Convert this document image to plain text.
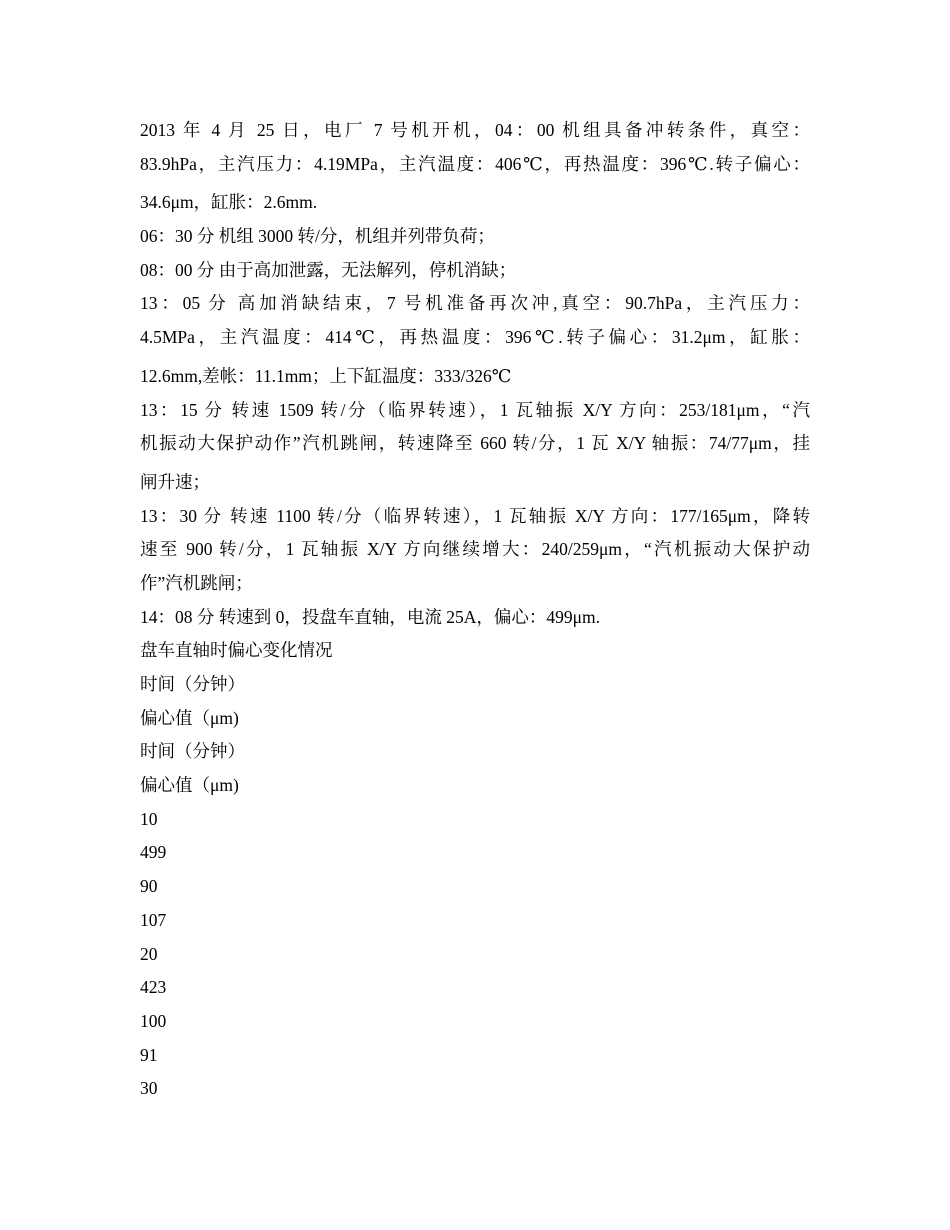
2013 年 4 月 25 日，电厂 7 号机开机，04：00 机组具备冲转条件，真空：
83.9hPa，主汽压力：4.19MPa，主汽温度：406℃，再热温度：396℃.转子偏心：
34.6μm，缸胀：2.6mm.
06：30 分 机组 3000 转/分，机组并列带负荷；
08：00 分 由于高加泄露，无法解列，停机消缺；
13：05 分 高加消缺结束，7 号机准备再次冲,真空：90.7hPa，主汽压力：
4.5MPa，主汽温度：414℃，再热温度：396℃.转子偏心：31.2μm，缸胀：
12.6mm,差帐：11.1mm；上下缸温度：333/326℃
13：15 分 转速 1509 转/分（临界转速），1 瓦轴振 X/Y 方向：253/181μm，“汽
机振动大保护动作”汽机跳闸，转速降至 660 转/分，1 瓦 X/Y 轴振：74/77μm，挂
闸升速；
13：30 分 转速 1100 转/分（临界转速），1 瓦轴振 X/Y 方向：177/165μm，降转
速至 900 转/分，1 瓦轴振 X/Y 方向继续增大：240/259μm，“汽机振动大保护动
作”汽机跳闸；
14：08 分 转速到 0，投盘车直轴，电流 25A，偏心：499μm.
盘车直轴时偏心变化情况
时间（分钟）
偏心值（μm)
时间（分钟）
偏心值（μm)
10
499
90
107
20
423
100
91
30
